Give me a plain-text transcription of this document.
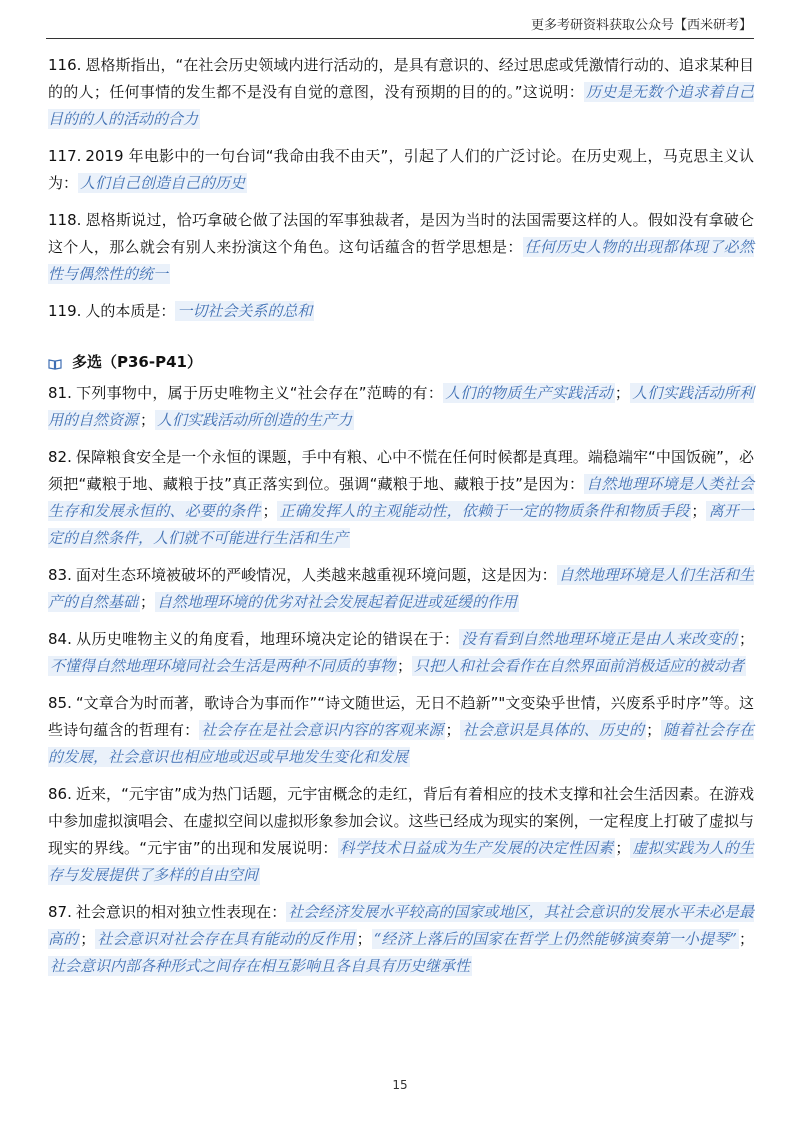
更多考研资料获取公众号【西米研考】

116. 恩格斯指出，“在社会历史领域内进行活动的，是具有意识的、经过思虑或凭激情行动的、追求某种目的的人；任何事情的发生都不是没有自觉的意图，没有预期的目的的。”这说明： 历史是无数个追求着自己目的的人的活动的合力

117. 2019 年电影中的一句台词“我命由我不由天”，引起了人们的广泛讨论。在历史观上，马克思主义认为： 人们自己创造自己的历史

118. 恩格斯说过，恰巧拿破仑做了法国的军事独裁者，是因为当时的法国需要这样的人。假如没有拿破仑这个人，那么就会有别人来扮演这个角色。这句话蕴含的哲学思想是： 任何历史人物的出现都体现了必然性与偶然性的统一

119. 人的本质是： 一切社会关系的总和

多选（P36-P41）

81. 下列事物中，属于历史唯物主义“社会存在”范畴的有： 人们的物质生产实践活动 ； 人们实践活动所利用的自然资源 ； 人们实践活动所创造的生产力

82. 保障粮食安全是一个永恒的课题，手中有粮、心中不慌在任何时候都是真理。端稳端牢“中国饭碗”，必须把“藏粮于地、藏粮于技”真正落实到位。强调“藏粮于地、藏粮于技”是因为： 自然地理环境是人类社会生存和发展永恒的、必要的条件 ； 正确发挥人的主观能动性，依赖于一定的物质条件和物质手段 ； 离开一定的自然条件，人们就不可能进行生活和生产

83. 面对生态环境被破坏的严峻情况，人类越来越重视环境问题，这是因为： 自然地理环境是人们生活和生产的自然基础 ； 自然地理环境的优劣对社会发展起着促进或延缓的作用

84. 从历史唯物主义的角度看，地理环境决定论的错误在于： 没有看到自然地理环境正是由人来改变的 ；不懂得自然地理环境同社会生活是两种不同质的事物 ； 只把人和社会看作在自然界面前消极适应的被动者

85. “文章合为时而著，歌诗合为事而作”“诗文随世运，无日不趋新”"文变染乎世情，兴废系乎时序”等。这些诗句蕴含的哲理有： 社会存在是社会意识内容的客观来源 ； 社会意识是具体的、历史的 ； 随着社会存在的发展，社会意识也相应地或迟或早地发生变化和发展

86. 近来，“元宇宙”成为热门话题，元宇宙概念的走红，背后有着相应的技术支撑和社会生活因素。在游戏中参加虚拟演唱会、在虚拟空间以虚拟形象参加会议。这些已经成为现实的案例，一定程度上打破了虚拟与现实的界线。“元宇宙”的出现和发展说明： 科学技术日益成为生产发展的决定性因素 ； 虚拟实践为人的生存与发展提供了多样的自由空间

87. 社会意识的相对独立性表现在： 社会经济发展水平较高的国家或地区，其社会意识的发展水平未必是最高的 ； 社会意识对社会存在具有能动的反作用 ； “经济上落后的国家在哲学上仍然能够演奏第一小提琴” ；社会意识内部各种形式之间存在相互影响且各自具有历史继承性

15
